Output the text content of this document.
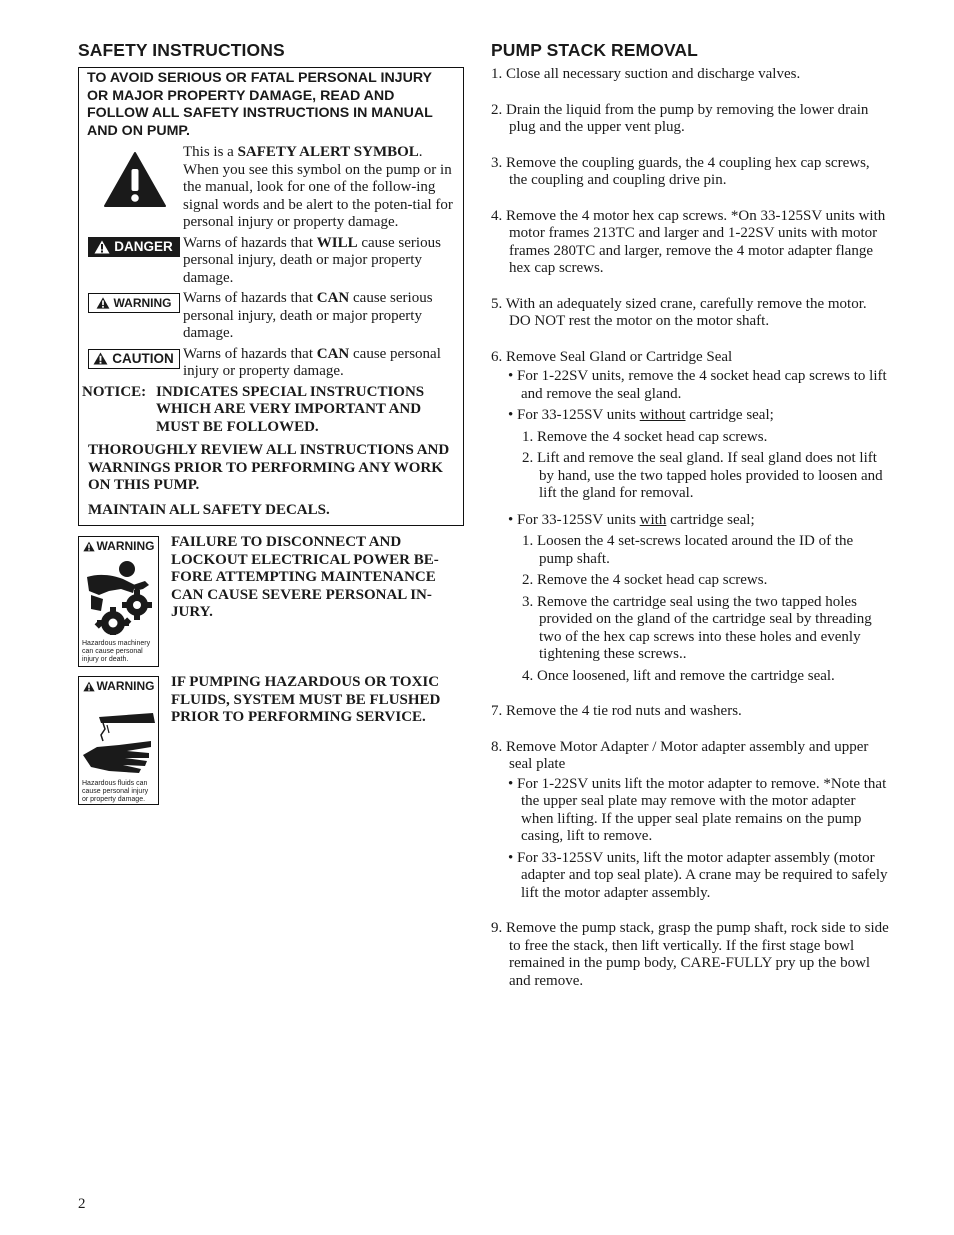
SAFETY INSTRUCTIONS
TO AVOID SERIOUS OR FATAL PERSONAL INJURY OR MAJOR PROPERTY DAMAGE, READ AND FOLLOW ALL SAFETY INSTRUCTIONS IN MANUAL AND ON PUMP.
This is a SAFETY ALERT SYMBOL. When you see this symbol on the pump or in the manual, look for one of the follow-ing signal words and be alert to the poten-tial for personal injury or property damage.
DANGER Warns of hazards that WILL cause serious personal injury, death or major property damage.
WARNING Warns of hazards that CAN cause serious personal injury, death or major property damage.
CAUTION Warns of hazards that CAN cause personal injury or property damage.
NOTICE: INDICATES SPECIAL INSTRUCTIONS
WHICH ARE VERY IMPORTANT AND MUST BE FOLLOWED.
THOROUGHLY REVIEW ALL INSTRUCTIONS AND WARNINGS PRIOR TO PERFORMING ANY WORK ON THIS PUMP.
MAINTAIN ALL SAFETY DECALS.
WARNING
Hazardous machinery can cause personal injury or death.
FAILURE TO DISCONNECT AND LOCKOUT ELECTRICAL POWER BE-FORE ATTEMPTING MAINTENANCE CAN CAUSE SEVERE PERSONAL IN-JURY.
WARNING
Hazardous fluids can cause personal injury or property damage.
IF PUMPING HAZARDOUS OR TOXIC FLUIDS, SYSTEM MUST BE FLUSHED PRIOR TO PERFORMING SERVICE.
PUMP STACK REMOVAL
1. Close all necessary suction and discharge valves.
2. Drain the liquid from the pump by removing the lower drain plug and the upper vent plug.
3. Remove the coupling guards, the 4 coupling hex cap screws, the coupling and coupling drive pin.
4. Remove the 4 motor hex cap screws. *On 33-125SV units with motor frames 213TC and larger and 1-22SV units with motor frames 280TC and larger, remove the 4 motor adapter flange hex cap screws.
5. With an adequately sized crane, carefully remove the motor. DO NOT rest the motor on the motor shaft.
6. Remove Seal Gland or Cartridge Seal
• For 1-22SV units, remove the 4 socket head cap screws to lift and remove the seal gland.
• For 33-125SV units without cartridge seal;
1. Remove the 4 socket head cap screws.
2. Lift and remove the seal gland. If seal gland does not lift by hand, use the two tapped holes provided to loosen and lift the gland for removal.
• For 33-125SV units with cartridge seal;
1. Loosen the 4 set-screws located around the ID of the pump shaft.
2. Remove the 4 socket head cap screws.
3. Remove the cartridge seal using the two tapped holes provided on the gland of the cartridge seal by threading two of the hex cap screws into these holes and evenly tightening these screws..
4. Once loosened, lift and remove the cartridge seal.
7. Remove the 4 tie rod nuts and washers.
8. Remove Motor Adapter / Motor adapter assembly and upper seal plate
• For 1-22SV units lift the motor adapter to remove. *Note that the upper seal plate may remove with the motor adapter when lifting. If the upper seal plate remains on the pump casing, lift to remove.
• For 33-125SV units, lift the motor adapter assembly (motor adapter and top seal plate). A crane may be required to safely lift the motor adapter assembly.
9. Remove the pump stack, grasp the pump shaft, rock side to side to free the stack, then lift vertically. If the first stage bowl remained in the pump body, CARE-FULLY pry up the bowl and remove.
2
